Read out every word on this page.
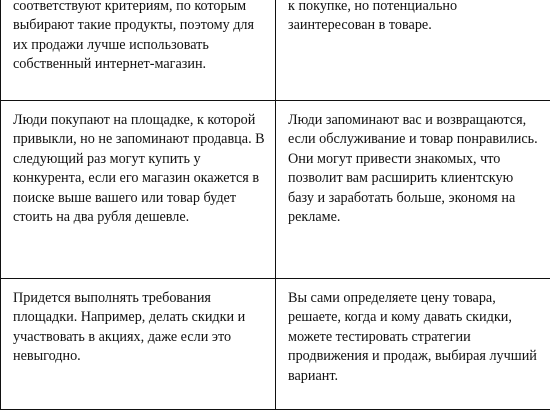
соответствуют критериям, по которым выбирают такие продукты, поэтому для их продажи лучше использовать собственный интернет-магазин.	к покупке, но потенциально заинтересован в товаре.

Люди покупают на площадке, к которой привыкли, но не запоминают продавца. В следующий раз могут купить у конкурента, если его магазин окажется в поиске выше вашего или товар будет стоить на два рубля дешевле.	Люди запоминают вас и возвращаются, если обслуживание и товар понравились. Они могут привести знакомых, что позволит вам расширить клиентскую базу и заработать больше, экономя на рекламе.

Придется выполнять требования площадки. Например, делать скидки и участвовать в акциях, даже если это невыгодно.	Вы сами определяете цену товара, решаете, когда и кому давать скидки, можете тестировать стратегии продвижения и продаж, выбирая лучший вариант.
